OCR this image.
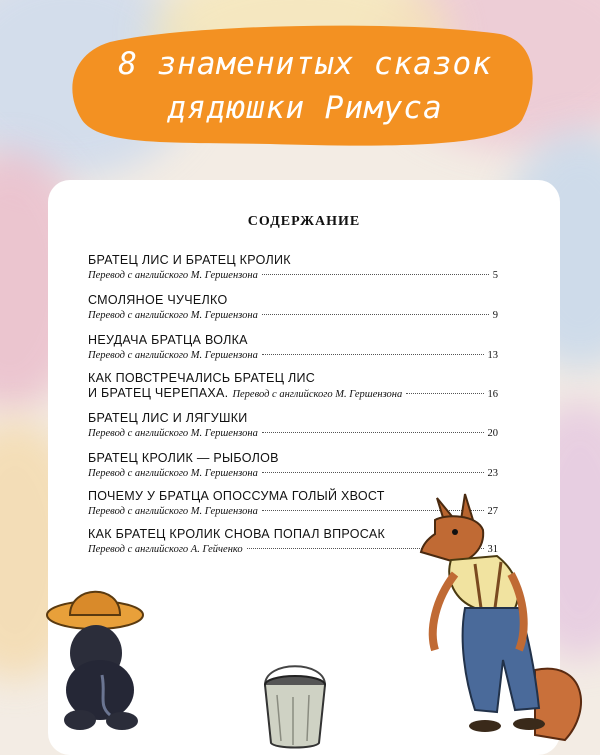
8 знаменитых сказок
дядюшки Римуса
СОДЕРЖАНИЕ
БРАТЕЦ ЛИС И БРАТЕЦ КРОЛИК
Перевод с английского М. Гершензона	5
СМОЛЯНОЕ ЧУЧЕЛКО
Перевод с английского М. Гершензона	9
НЕУДАЧА БРАТЦА ВОЛКА
Перевод с английского М. Гершензона	13
КАК ПОВСТРЕЧАЛИСЬ БРАТЕЦ ЛИС
И БРАТЕЦ ЧЕРЕПАХА. Перевод с английского М. Гершензона	16
БРАТЕЦ ЛИС И ЛЯГУШКИ
Перевод с английского М. Гершензона	20
БРАТЕЦ КРОЛИК — РЫБОЛОВ
Перевод с английского М. Гершензона	23
ПОЧЕМУ У БРАТЦА ОПОССУМА ГОЛЫЙ ХВОСТ
Перевод с английского М. Гершензона	27
КАК БРАТЕЦ КРОЛИК СНОВА ПОПАЛ ВПРОСАК
Перевод с английского А. Гейченко	31
